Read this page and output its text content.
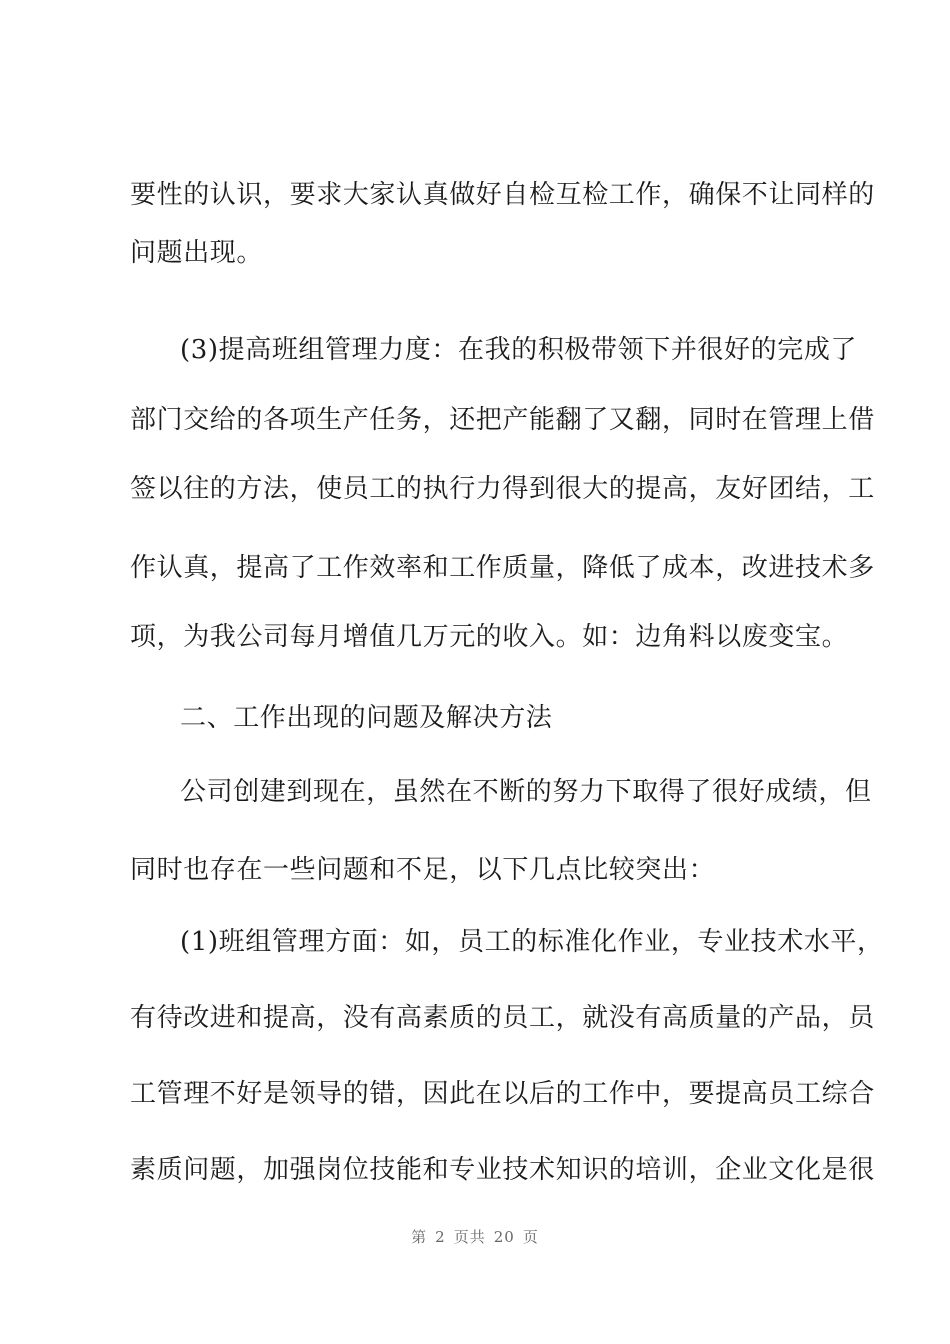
要性的认识，要求大家认真做好自检互检工作，确保不让同样的
问题出现。
(3)提高班组管理力度：在我的积极带领下并很好的完成了
部门交给的各项生产任务，还把产能翻了又翻，同时在管理上借
签以往的方法，使员工的执行力得到很大的提高，友好团结，工
作认真，提高了工作效率和工作质量，降低了成本，改进技术多
项，为我公司每月增值几万元的收入。如：边角料以废变宝。
二、工作出现的问题及解决方法
公司创建到现在，虽然在不断的努力下取得了很好成绩，但
同时也存在一些问题和不足，以下几点比较突出：
(1)班组管理方面：如，员工的标准化作业，专业技术水平，
有待改进和提高，没有高素质的员工，就没有高质量的产品，员
工管理不好是领导的错，因此在以后的工作中，要提高员工综合
素质问题，加强岗位技能和专业技术知识的培训，企业文化是很
第 2 页共 20 页
